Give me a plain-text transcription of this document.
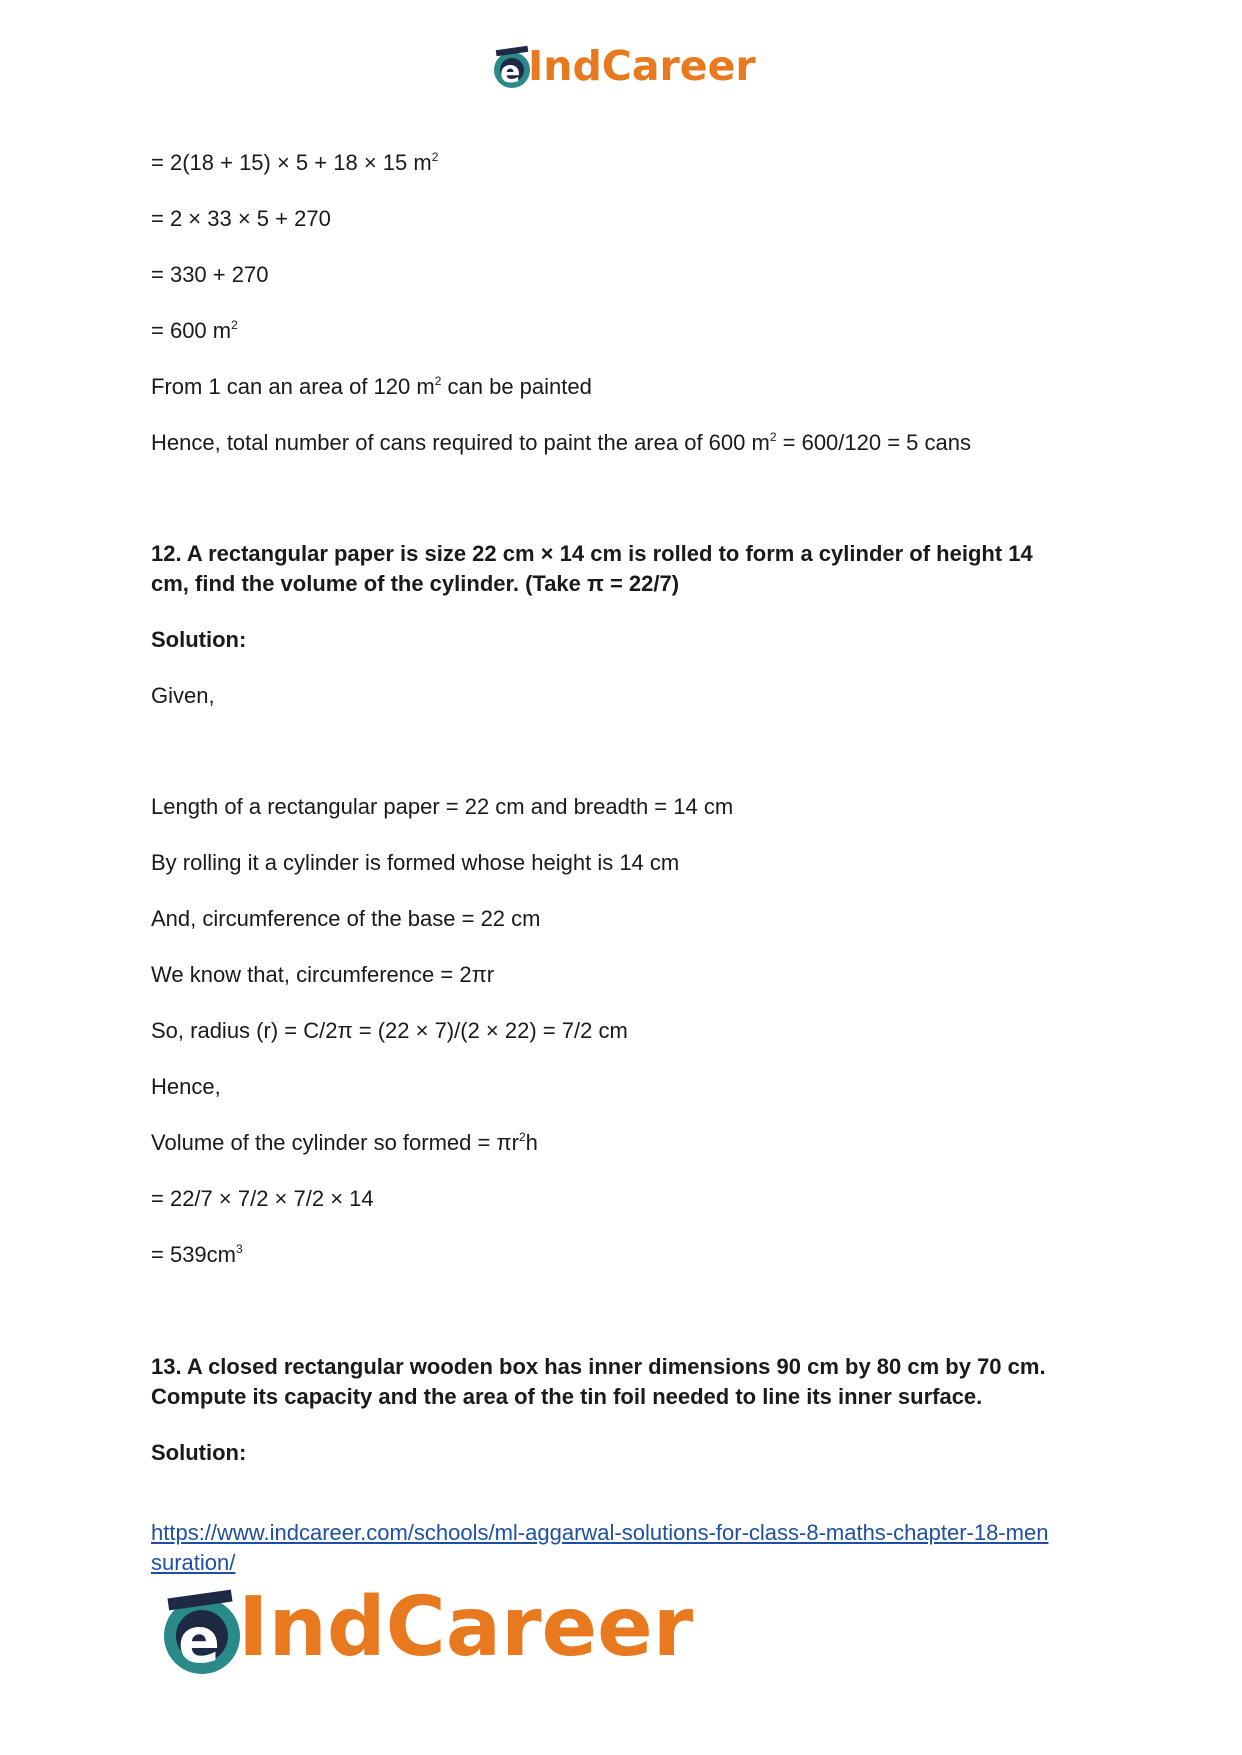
e IndCareer
= 2(18 + 15) × 5 + 18 × 15 $m^2$
= 2 × 33 × 5 + 270
= 330 + 270
= 600 $m^2$
From 1 can an area of 120 $m^2$ can be painted
Hence, total number of cans required to paint the area of 600 $m^2 = 600/120 = 5$ cans
12. A rectangular paper is size 22 cm × 14 cm is rolled to form a cylinder of height 14
cm, find the volume of the cylinder. (Take π = 22/7)
Solution:
Given,
Length of a rectangular paper = 22 cm and breadth = 14 cm
By rolling it a cylinder is formed whose height is 14 cm
And, circumference of the base = 22 cm
We know that, circumference = 2πr
So, radius (r) = C/2π = (22 × 7)/(2 × 22) = 7/2 cm
Hence,
Volume of the cylinder so formed = $\pi r^2h$
= 22/7 × 7/2 × 7/2 × 14
= $539cm^3$
13. A closed rectangular wooden box has inner dimensions 90 cm by 80 cm by 70 cm.
Compute its capacity and the area of the tin foil needed to line its inner surface.
Solution:
https://www.indcareer.com/schools/ml-aggarwal-solutions-for-class-8-maths-chapter-18-men
suration/
e IndCareer
